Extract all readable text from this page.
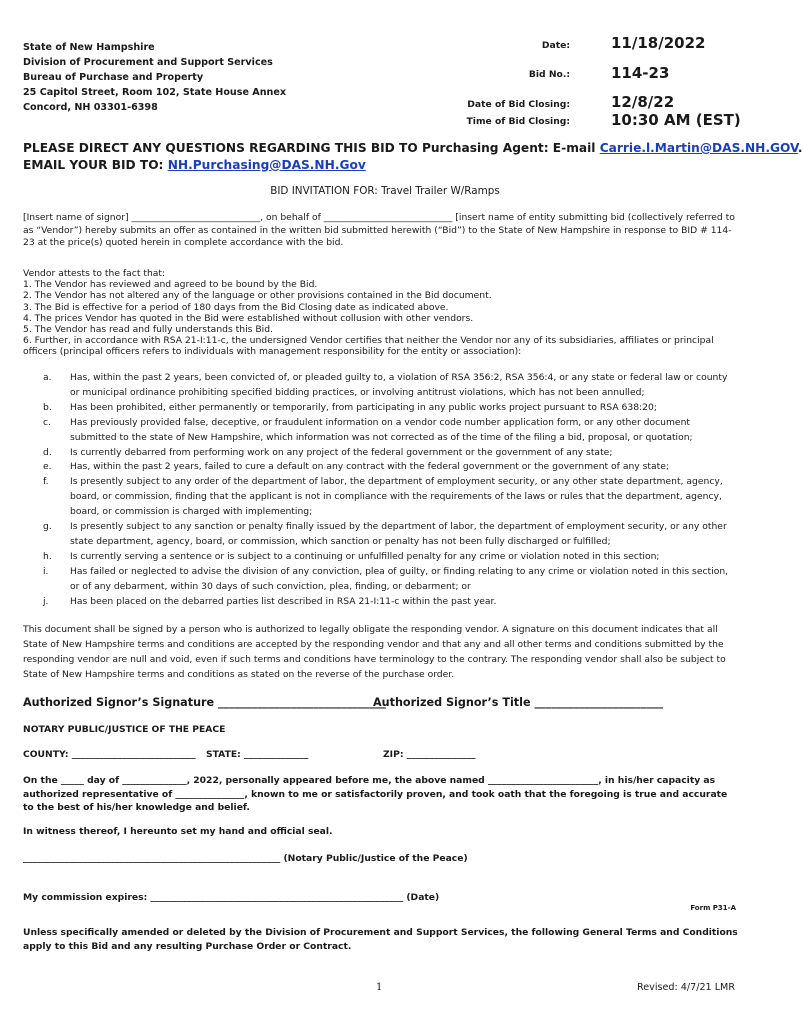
State of New Hampshire
Division of Procurement and Support Services
Bureau of Purchase and Property
25 Capitol Street, Room 102, State House Annex
Concord, NH 03301-6398
Date:	11/18/2022
Bid No.:	114-23
Date of Bid Closing:	12/8/22
Time of Bid Closing:	10:30 AM (EST)
PLEASE DIRECT ANY QUESTIONS REGARDING THIS BID TO Purchasing Agent: E-mail Carrie.l.Martin@DAS.NH.GOV.
EMAIL YOUR BID TO: NH.Purchasing@DAS.NH.Gov
BID INVITATION FOR: Travel Trailer W/Ramps

[Insert name of signor] ____________________________, on behalf of ____________________________ [insert name of entity submitting bid (collectively referred to as “Vendor”) hereby submits an offer as contained in the written bid submitted herewith (“Bid”) to the State of New Hampshire in response to BID # 114-23 at the price(s) quoted herein in complete accordance with the bid.

Vendor attests to the fact that:
1. The Vendor has reviewed and agreed to be bound by the Bid.
2. The Vendor has not altered any of the language or other provisions contained in the Bid document.
3. The Bid is effective for a period of 180 days from the Bid Closing date as indicated above.
4. The prices Vendor has quoted in the Bid were established without collusion with other vendors.
5. The Vendor has read and fully understands this Bid.
6. Further, in accordance with RSA 21-I:11-c, the undersigned Vendor certifies that neither the Vendor nor any of its subsidiaries, affiliates or principal officers (principal officers refers to individuals with management responsibility for the entity or association):
a.	Has, within the past 2 years, been convicted of, or pleaded guilty to, a violation of RSA 356:2, RSA 356:4, or any state or federal law or county or municipal ordinance prohibiting specified bidding practices, or involving antitrust violations, which has not been annulled;
b.	Has been prohibited, either permanently or temporarily, from participating in any public works project pursuant to RSA 638:20;
c.	Has previously provided false, deceptive, or fraudulent information on a vendor code number application form, or any other document submitted to the state of New Hampshire, which information was not corrected as of the time of the filing a bid, proposal, or quotation;
d.	Is currently debarred from performing work on any project of the federal government or the government of any state;
e.	Has, within the past 2 years, failed to cure a default on any contract with the federal government or the government of any state;
f.	Is presently subject to any order of the department of labor, the department of employment security, or any other state department, agency, board, or commission, finding that the applicant is not in compliance with the requirements of the laws or rules that the department, agency, board, or commission is charged with implementing;
g.	Is presently subject to any sanction or penalty finally issued by the department of labor, the department of employment security, or any other state department, agency, board, or commission, which sanction or penalty has not been fully discharged or fulfilled;
h.	Is currently serving a sentence or is subject to a continuing or unfulfilled penalty for any crime or violation noted in this section;
i.	Has failed or neglected to advise the division of any conviction, plea of guilty, or finding relating to any crime or violation noted in this section, or of any debarment, within 30 days of such conviction, plea, finding, or debarment; or
j.	Has been placed on the debarred parties list described in RSA 21-I:11-c within the past year.
This document shall be signed by a person who is authorized to legally obligate the responding vendor. A signature on this document indicates that all State of New Hampshire terms and conditions are accepted by the responding vendor and that any and all other terms and conditions submitted by the responding vendor are null and void, even if such terms and conditions have terminology to the contrary. The responding vendor shall also be subject to State of New Hampshire terms and conditions as stated on the reverse of the purchase order.
Authorized Signor’s Signature ______________________________
Authorized Signor’s Title _______________________
NOTARY PUBLIC/JUSTICE OF THE PEACE
COUNTY: ___________________________ STATE: ______________	ZIP: _______________
On the _____ day of ______________, 2022, personally appeared before me, the above named ________________________, in his/her capacity as authorized representative of _______________, known to me or satisfactorily proven, and took oath that the foregoing is true and accurate to the best of his/her knowledge and belief.
In witness thereof, I hereunto set my hand and official seal.
________________________________________________________ (Notary Public/Justice of the Peace)
My commission expires: _______________________________________________________ (Date)
Form P31-A
Unless specifically amended or deleted by the Division of Procurement and Support Services, the following General Terms and Conditions apply to this Bid and any resulting Purchase Order or Contract.
1	Revised: 4/7/21 LMR
